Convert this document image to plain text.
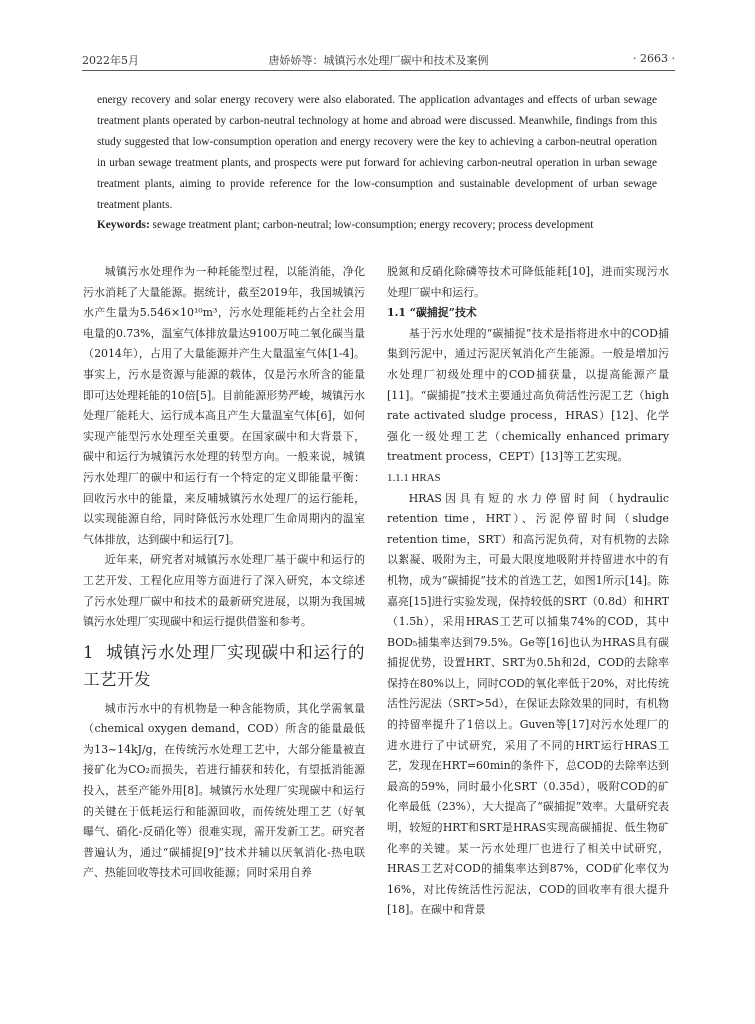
2022年5月	唐娇娇等：城镇污水处理厂碳中和技术及案例	· 2663 ·

energy recovery and solar energy recovery were also elaborated. The application advantages and effects of urban sewage treatment plants operated by carbon-neutral technology at home and abroad were discussed. Meanwhile, findings from this study suggested that low-consumption operation and energy recovery were the key to achieving a carbon-neutral operation in urban sewage treatment plants, and prospects were put forward for achieving carbon-neutral operation in urban sewage treatment plants, aiming to provide reference for the low-consumption and sustainable development of urban sewage treatment plants.

Keywords: sewage treatment plant; carbon-neutral; low-consumption; energy recovery; process development

城镇污水处理作为一种耗能型过程，以能消能，净化污水消耗了大量能源。据统计，截至2019年，我国城镇污水产生量为5.546×10¹⁰m³，污水处理能耗约占全社会用电量的0.73%，温室气体排放量达9100万吨二氧化碳当量（2014年），占用了大量能源并产生大量温室气体[1-4]。事实上，污水是资源与能源的载体，仅是污水所含的能量即可达处理耗能的10倍[5]。目前能源形势严峻，城镇污水处理厂能耗大、运行成本高且产生大量温室气体[6]，如何实现产能型污水处理至关重要。在国家碳中和大背景下，碳中和运行为城镇污水处理的转型方向。一般来说，城镇污水处理厂的碳中和运行有一个特定的定义即能量平衡：回收污水中的能量，来反哺城镇污水处理厂的运行能耗，以实现能源自给，同时降低污水处理厂生命周期内的温室气体排放，达到碳中和运行[7]。

近年来，研究者对城镇污水处理厂基于碳中和运行的工艺开发、工程化应用等方面进行了深入研究，本文综述了污水处理厂碳中和技术的最新研究进展，以期为我国城镇污水处理厂实现碳中和运行提供借鉴和参考。

1 城镇污水处理厂实现碳中和运行的工艺开发

城市污水中的有机物是一种含能物质，其化学需氧量（chemical oxygen demand，COD）所含的能量最低为13~14kJ/g，在传统污水处理工艺中，大部分能量被直接矿化为CO₂而损失，若进行捕获和转化，有望抵消能源投入，甚至产能外用[8]。城镇污水处理厂实现碳中和运行的关键在于低耗运行和能源回收，而传统处理工艺（好氧曝气、硝化-反硝化等）很难实现，需开发新工艺。研究者普遍认为，通过“碳捕捉[9]”技术并辅以厌氧消化-热电联产、热能回收等技术可回收能源；同时采用自养

脱氮和反硝化除磷等技术可降低能耗[10]，进而实现污水处理厂碳中和运行。

1.1 “碳捕捉”技术

基于污水处理的“碳捕捉”技术是指将进水中的COD捕集到污泥中，通过污泥厌氧消化产生能源。一般是增加污水处理厂初级处理中的COD捕获量，以提高能源产量[11]。“碳捕捉”技术主要通过高负荷活性污泥工艺（high rate activated sludge process，HRAS）[12]、化学强化一级处理工艺（chemically enhanced primary treatment process，CEPT）[13]等工艺实现。

1.1.1 HRAS

HRAS因具有短的水力停留时间（hydraulic retention time，HRT）、污泥停留时间（sludge retention time，SRT）和高污泥负荷，对有机物的去除以絮凝、吸附为主，可最大限度地吸附并持留进水中的有机物，成为“碳捕捉”技术的首选工艺，如图1所示[14]。陈嘉亮[15]进行实验发现，保持较低的SRT（0.8d）和HRT（1.5h），采用HRAS工艺可以捕集74%的COD，其中BOD₅捕集率达到79.5%。Ge等[16]也认为HRAS具有碳捕捉优势，设置HRT、SRT为0.5h和2d，COD的去除率保持在80%以上，同时COD的氧化率低于20%，对比传统活性污泥法（SRT>5d），在保证去除效果的同时，有机物的持留率提升了1倍以上。Guven等[17]对污水处理厂的进水进行了中试研究，采用了不同的HRT运行HRAS工艺，发现在HRT=60min的条件下，总COD的去除率达到最高的59%，同时最小化SRT（0.35d），吸附COD的矿化率最低（23%），大大提高了“碳捕捉”效率。大量研究表明，较短的HRT和SRT是HRAS实现高碳捕捉、低生物矿化率的关键。某一污水处理厂也进行了相关中试研究，HRAS工艺对COD的捕集率达到87%，COD矿化率仅为16%，对比传统活性污泥法，COD的回收率有很大提升[18]。在碳中和背景
